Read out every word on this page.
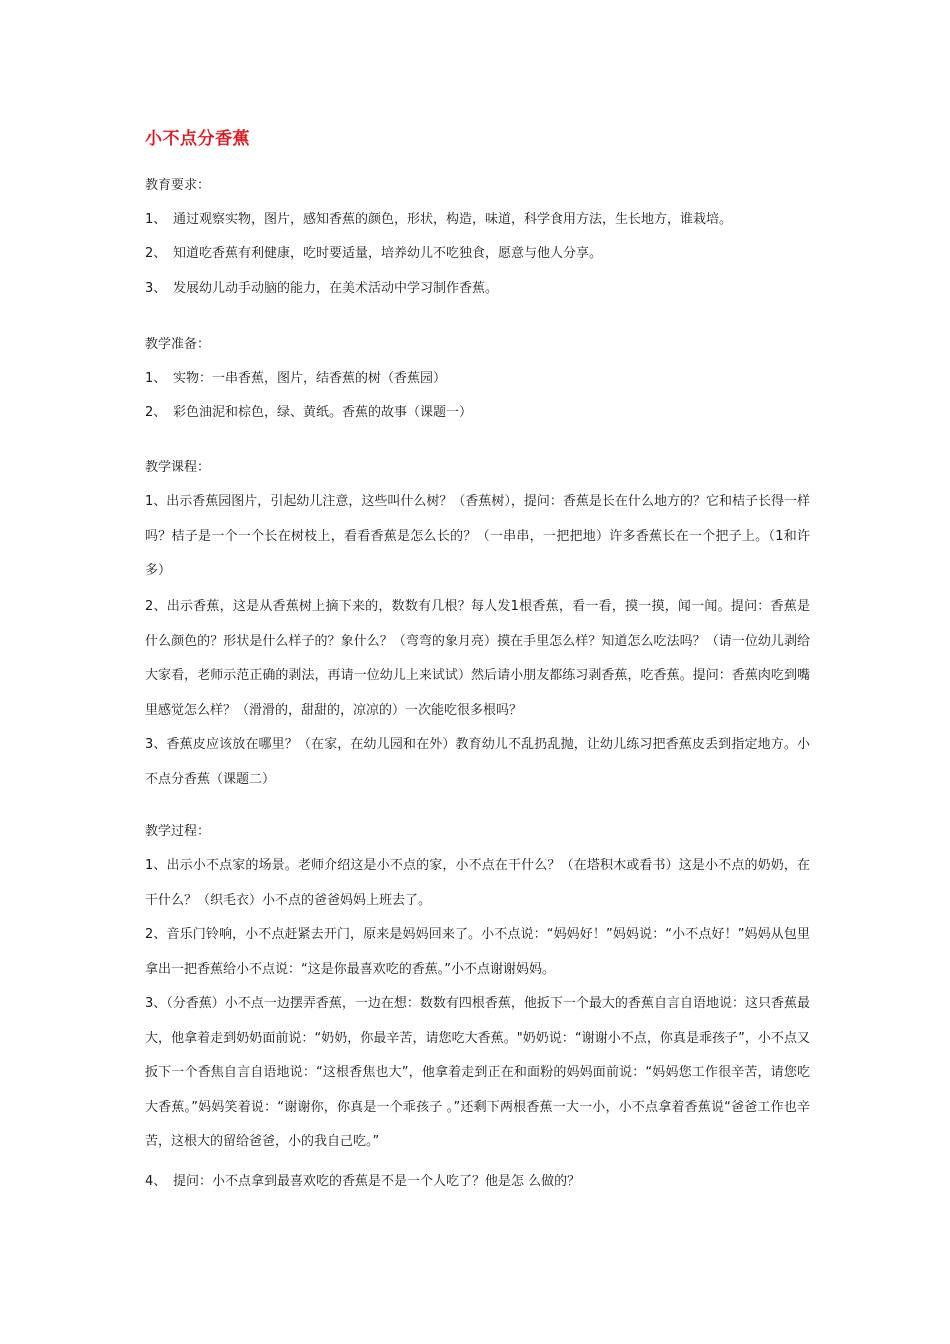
小不点分香蕉
教育要求：
1、 通过观察实物，图片，感知香蕉的颜色，形状，构造，味道，科学食用方法，生长地方，谁栽培。
2、 知道吃香蕉有利健康，吃时要适量，培养幼儿不吃独食，愿意与他人分享。
3、 发展幼儿动手动脑的能力，在美术活动中学习制作香蕉。
教学准备：
1、 实物：一串香蕉，图片，结香蕉的树（香蕉园）
2、 彩色油泥和棕色，绿、黄纸。香蕉的故事（课题一）
教学课程：
1、出示香蕉园图片，引起幼儿注意，这些叫什么树？（香蕉树），提问：香蕉是长在什么地方的？它和桔子长得一样吗？桔子是一个一个长在树枝上，看看香蕉是怎么长的？（一串串，一把把地）许多香蕉长在一个把子上。（1和许多）
2、出示香蕉，这是从香蕉树上摘下来的，数数有几根？每人发1根香蕉，看一看，摸一摸，闻一闻。提问：香蕉是什么颜色的？形状是什么样子的？象什么？（弯弯的象月亮）摸在手里怎么样？知道怎么吃法吗？（请一位幼儿剥给大家看，老师示范正确的剥法，再请一位幼儿上来试试）然后请小朋友都练习剥香蕉，吃香蕉。提问：香蕉肉吃到嘴里感觉怎么样？（滑滑的，甜甜的，凉凉的）一次能吃很多根吗？
3、香蕉皮应该放在哪里？（在家，在幼儿园和在外）教育幼儿不乱扔乱抛，让幼儿练习把香蕉皮丢到指定地方。小不点分香蕉（课题二）
教学过程：
1、出示小不点家的场景。老师介绍这是小不点的家，小不点在干什么？（在塔积木或看书）这是小不点的奶奶，在干什么？（织毛衣）小不点的爸爸妈妈上班去了。
2、音乐门铃响，小不点赶紧去开门，原来是妈妈回来了。小不点说：“妈妈好！”妈妈说：“小不点好！”妈妈从包里拿出一把香蕉给小不点说：“这是你最喜欢吃的香蕉。”小不点谢谢妈妈。
3、（分香蕉）小不点一边摆弄香蕉，一边在想：数数有四根香蕉，他扳下一个最大的香蕉自言自语地说：这只香蕉最大，他拿着走到奶奶面前说：“奶奶，你最辛苦，请您吃大香蕉。"奶奶说：“谢谢小不点，你真是乖孩子”，小不点又扳下一个香焦自言自语地说：“这根香焦也大”，他拿着走到正在和面粉的妈妈面前说：“妈妈您工作很辛苦，请您吃大香蕉。”妈妈笑着说：“谢谢你，你真是一个乖孩子 。”还剩下两根香蕉一大一小，小不点拿着香蕉说“爸爸工作也辛苦，这根大的留给爸爸，小的我自己吃。”
4、 提问：小不点拿到最喜欢吃的香蕉是不是一个人吃了？他是怎 么做的？
